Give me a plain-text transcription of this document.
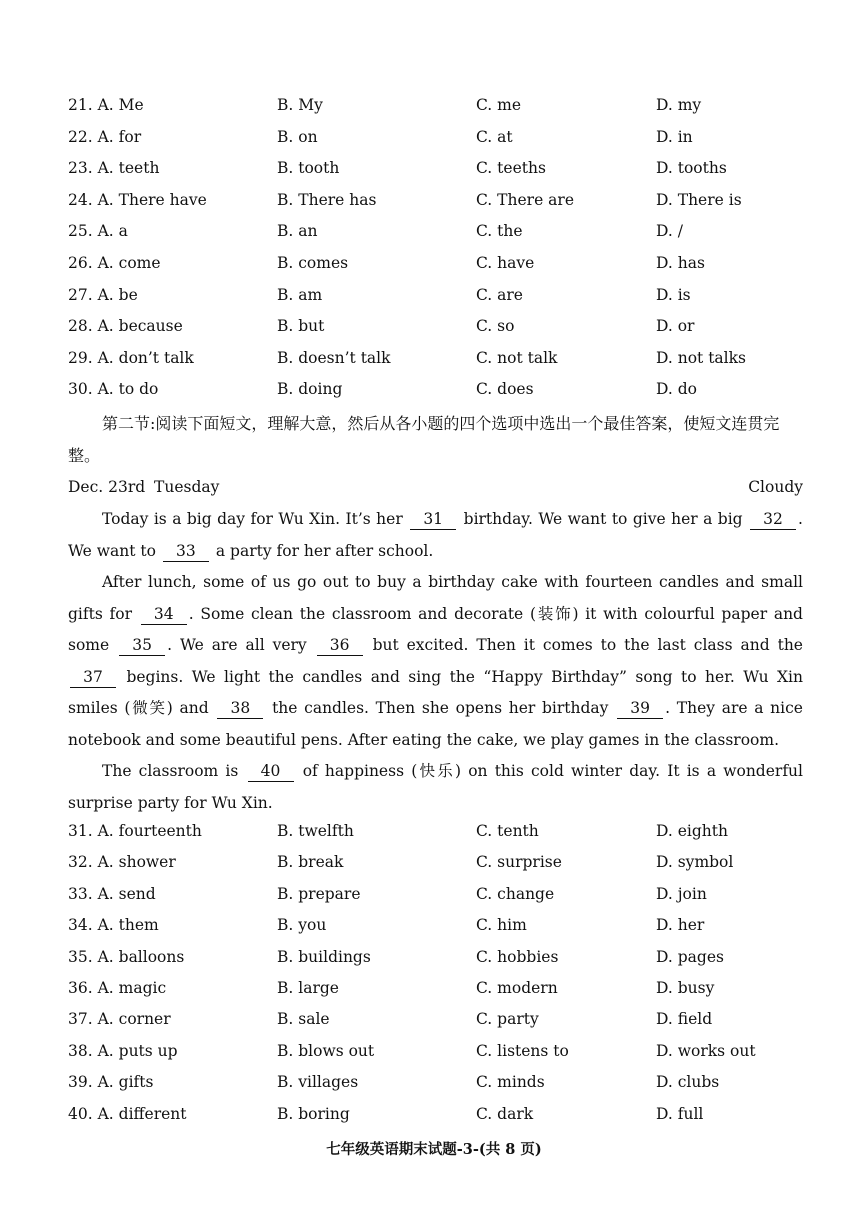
21. A. Me	B. My	C. me	D. my
22. A. for	B. on	C. at	D. in
23. A. teeth	B. tooth	C. teeths	D. tooths
24. A. There have	B. There has	C. There are	D. There is
25. A. a	B. an	C. the	D. /
26. A. come	B. comes	C. have	D. has
27. A. be	B. am	C. are	D. is
28. A. because	B. but	C. so	D. or
29. A. don’t talk	B. doesn’t talk	C. not talk	D. not talks
30. A. to do	B. doing	C. does	D. do
第二节:阅读下面短文，理解大意，然后从各小题的四个选项中选出一个最佳答案，使短文连贯完整。
Dec. 23rd Tuesday	Cloudy
Today is a big day for Wu Xin. It’s her 31 birthday. We want to give her a big 32 . We want to 33 a party for her after school.
After lunch, some of us go out to buy a birthday cake with fourteen candles and small gifts for 34 . Some clean the classroom and decorate (装饰) it with colourful paper and some 35 . We are all very 36 but excited. Then it comes to the last class and the 37 begins. We light the candles and sing the “Happy Birthday” song to her. Wu Xin smiles (微笑) and 38 the candles. Then she opens her birthday 39 . They are a nice notebook and some beautiful pens. After eating the cake, we play games in the classroom.
The classroom is 40 of happiness (快乐) on this cold winter day. It is a wonderful surprise party for Wu Xin.
31. A. fourteenth	B. twelfth	C. tenth	D. eighth
32. A. shower	B. break	C. surprise	D. symbol
33. A. send	B. prepare	C. change	D. join
34. A. them	B. you	C. him	D. her
35. A. balloons	B. buildings	C. hobbies	D. pages
36. A. magic	B. large	C. modern	D. busy
37. A. corner	B. sale	C. party	D. field
38. A. puts up	B. blows out	C. listens to	D. works out
39. A. gifts	B. villages	C. minds	D. clubs
40. A. different	B. boring	C. dark	D. full
七年级英语期末试题-3-(共 8 页)
